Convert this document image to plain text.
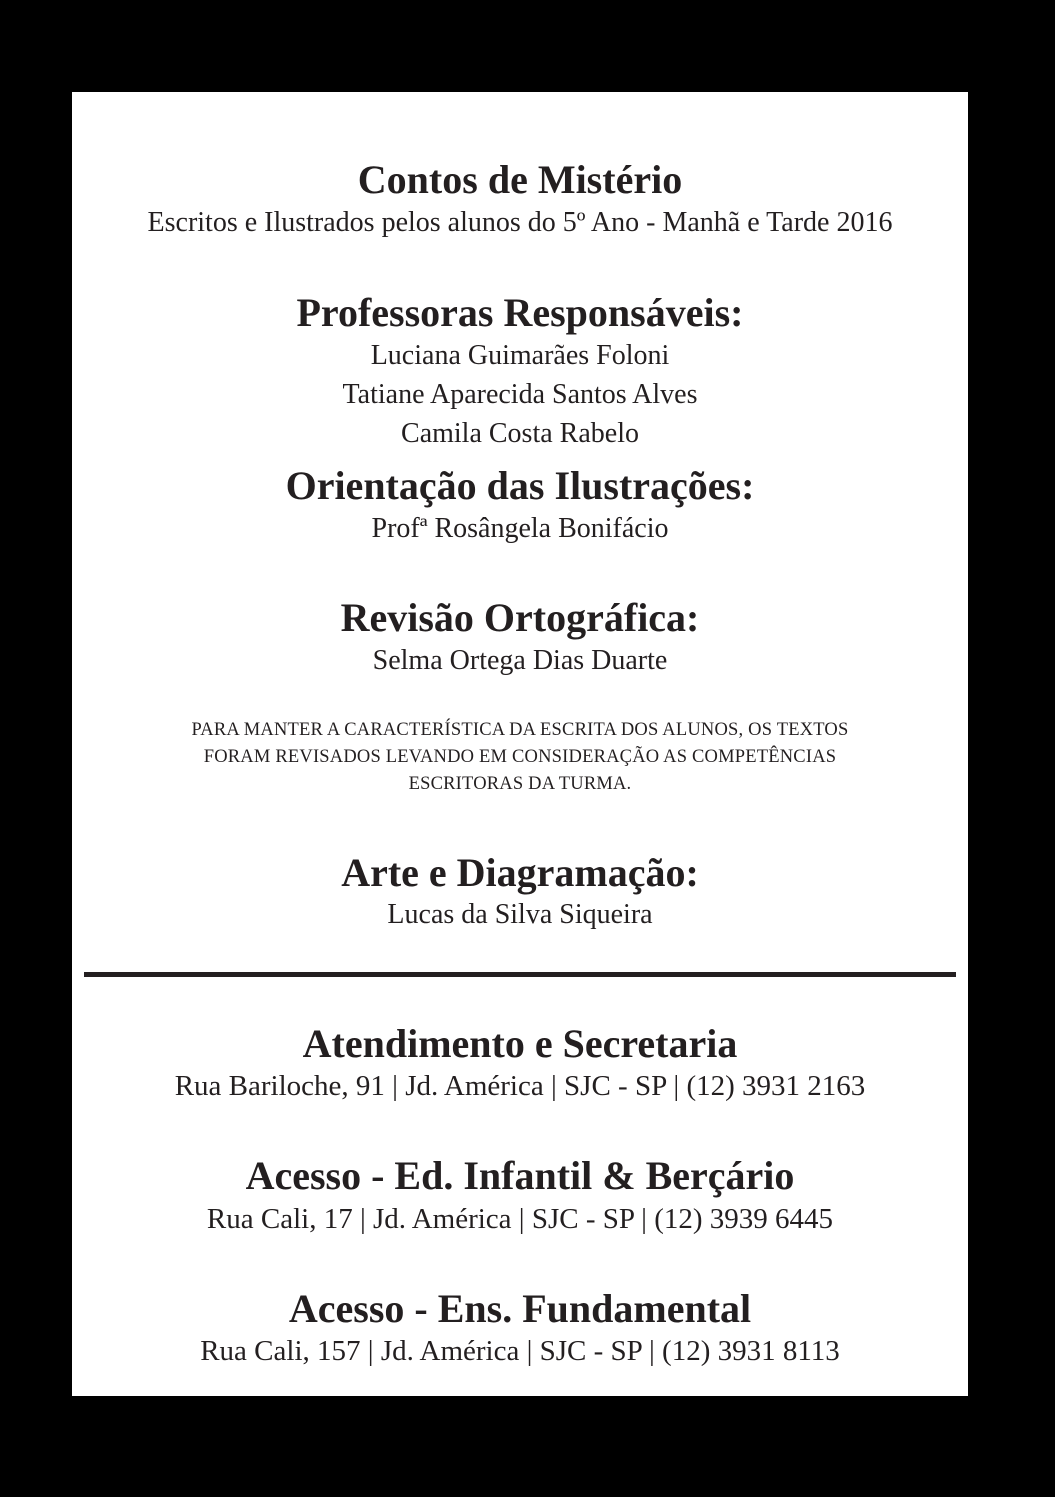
Contos de Mistério
Escritos e Ilustrados pelos alunos do 5º Ano - Manhã e Tarde 2016
Professoras Responsáveis:
Luciana Guimarães Foloni
Tatiane Aparecida Santos Alves
Camila Costa Rabelo
Orientação das Ilustrações:
Profª Rosângela Bonifácio
Revisão Ortográfica:
Selma Ortega Dias Duarte
PARA MANTER A CARACTERÍSTICA DA ESCRITA DOS ALUNOS, OS TEXTOS
FORAM REVISADOS LEVANDO EM CONSIDERAÇÃO AS COMPETÊNCIAS
ESCRITORAS DA TURMA.
Arte e Diagramação:
Lucas da Silva Siqueira
Atendimento e Secretaria
Rua Bariloche, 91 | Jd. América | SJC - SP | (12) 3931 2163
Acesso - Ed. Infantil & Berçário
Rua Cali, 17 | Jd. América | SJC - SP | (12) 3939 6445
Acesso - Ens. Fundamental
Rua Cali, 157 | Jd. América | SJC - SP | (12) 3931 8113
